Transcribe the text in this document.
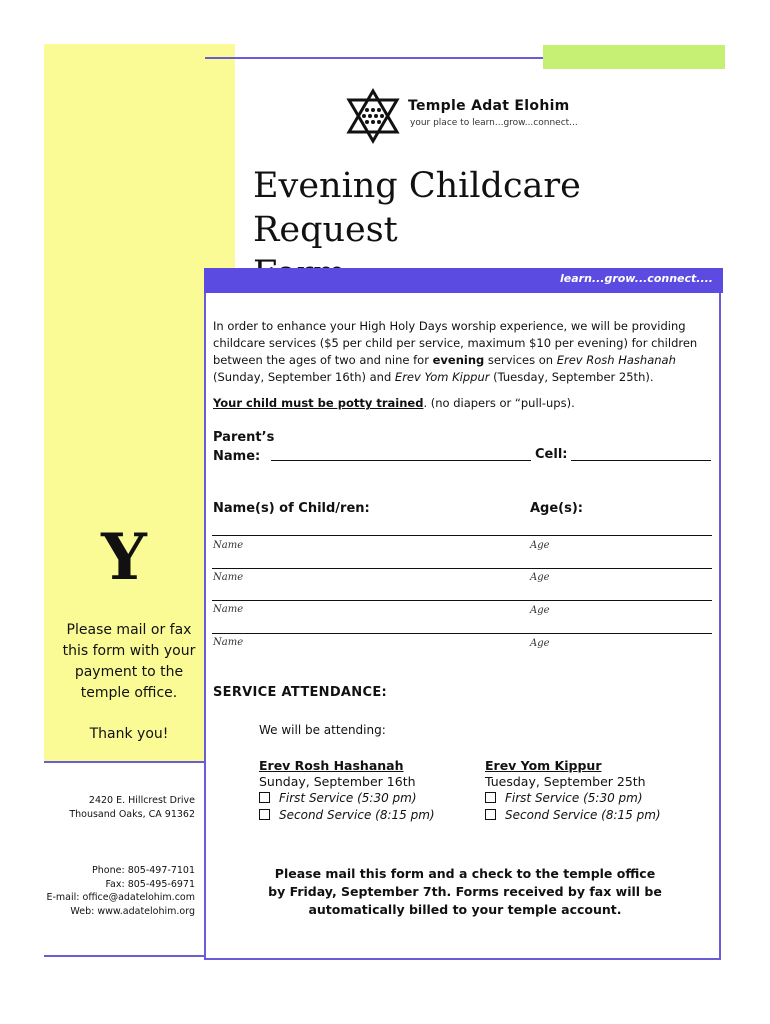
Temple Adat Elohim
your place to learn...grow...connect...
Evening Childcare Request
learn...grow...connect....
In order to enhance your High Holy Days worship experience, we will be providing childcare services ($5 per child per service, maximum $10 per evening) for children between the ages of two and nine for evening services on Erev Rosh Hashanah (Sunday, September 16th) and Erev Yom Kippur (Tuesday, September 25th).
Your child must be potty trained. (no diapers or “pull-ups).
Parent’s
Name:	Cell:
Name(s) of Child/ren:	Age(s):
Name	Age
Name	Age
Name	Age
Name	Age
SERVICE ATTENDANCE:
We will be attending:
Erev Rosh Hashanah
Sunday, September 16th
First Service (5:30 pm)
Second Service (8:15 pm)
Erev Yom Kippur
Tuesday, September 25th
First Service (5:30 pm)
Second Service (8:15 pm)
Please mail this form and a check to the temple office
by Friday, September 7th. Forms received by fax will be
automatically billed to your temple account.
Y
Please mail or fax
this form with your
payment to the
temple office.
Thank you!
2420 E. Hillcrest Drive
Thousand Oaks, CA 91362
Phone: 805-497-7101
Fax: 805-495-6971
E-mail: office@adatelohim.com
Web: www.adatelohim.org
